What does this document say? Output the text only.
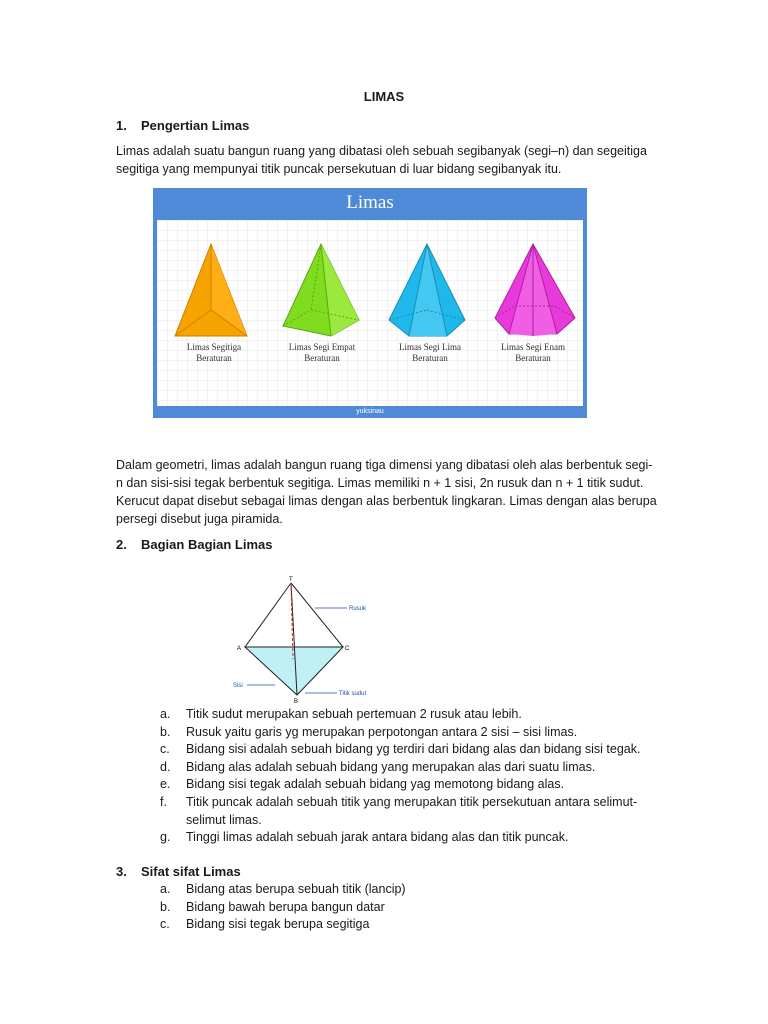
LIMAS
1. Pengertian Limas
Limas adalah suatu bangun ruang yang dibatasi oleh sebuah segibanyak (segi–n) dan segeitiga
segitiga yang mempunyai titik puncak persekutuan di luar bidang segibanyak itu.
Limas
Limas Segitiga
Beraturan
Limas Segi Empat
Beraturan
Limas Segi Lima
Beraturan
Limas Segi Enam
Beraturan
yuksinau
Dalam geometri, limas adalah bangun ruang tiga dimensi yang dibatasi oleh alas berbentuk segi-
n dan sisi-sisi tegak berbentuk segitiga. Limas memiliki n + 1 sisi, 2n rusuk dan n + 1 titik sudut.
Kerucut dapat disebut sebagai limas dengan alas berbentuk lingkaran. Limas dengan alas berupa
persegi disebut juga piramida.
2. Bagian Bagian Limas
T
A	C
B
Rusuk
Sisi
Titik sudut
a. Titik sudut merupakan sebuah pertemuan 2 rusuk atau lebih.
b. Rusuk yaitu garis yg merupakan perpotongan antara 2 sisi – sisi limas.
c. Bidang sisi adalah sebuah bidang yg terdiri dari bidang alas dan bidang sisi tegak.
d. Bidang alas adalah sebuah bidang yang merupakan alas dari suatu limas.
e. Bidang sisi tegak adalah sebuah bidang yag memotong bidang alas.
f. Titik puncak adalah sebuah titik yang merupakan titik persekutuan antara selimut-
selimut limas.
g. Tinggi limas adalah sebuah jarak antara bidang alas dan titik puncak.
3. Sifat sifat Limas
a. Bidang atas berupa sebuah titik (lancip)
b. Bidang bawah berupa bangun datar
c. Bidang sisi tegak berupa segitiga
